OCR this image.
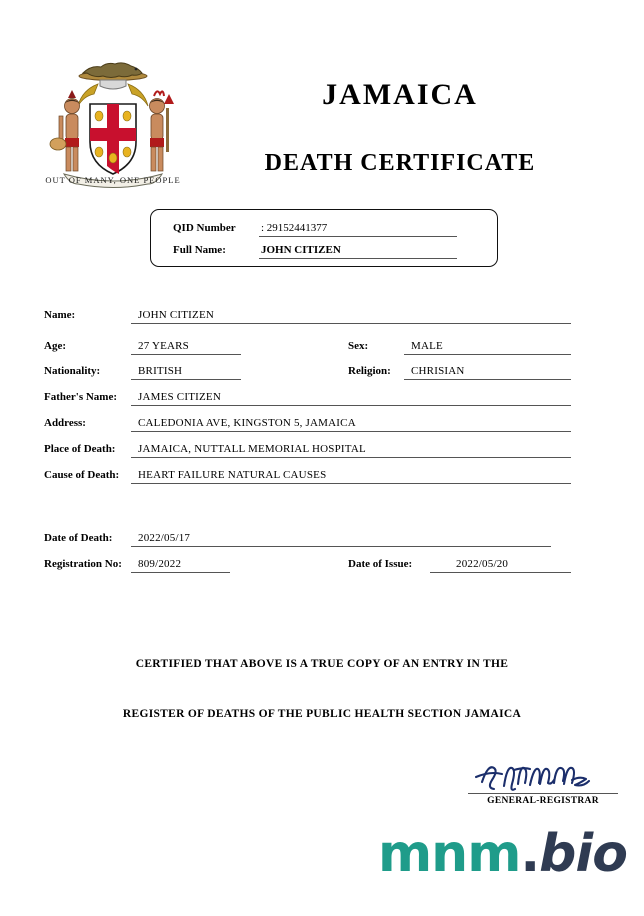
OUT OF MANY, ONE PEOPLE
JAMAICA
DEATH CERTIFICATE
QID Number : 29152441377
Full Name:	JOHN CITIZEN
Name:	JOHN CITIZEN
Age:	27 YEARS	Sex:	MALE
Nationality:	BRITISH	Religion: CHRISIAN
Father's Name: JAMES CITIZEN
Address:	CALEDONIA AVE, KINGSTON 5, JAMAICA
Place of Death: JAMAICA, NUTTALL MEMORIAL HOSPITAL
Cause of Death: HEART FAILURE NATURAL CAUSES
Date of Death: 2022/05/17
Registration No: 809/2022	Date of Issue:	2022/05/20
CERTIFIED THAT ABOVE IS A TRUE COPY OF AN ENTRY IN THE
REGISTER OF DEATHS OF THE PUBLIC HEALTH SECTION JAMAICA
GENERAL-REGISTRAR
mnm.bio
